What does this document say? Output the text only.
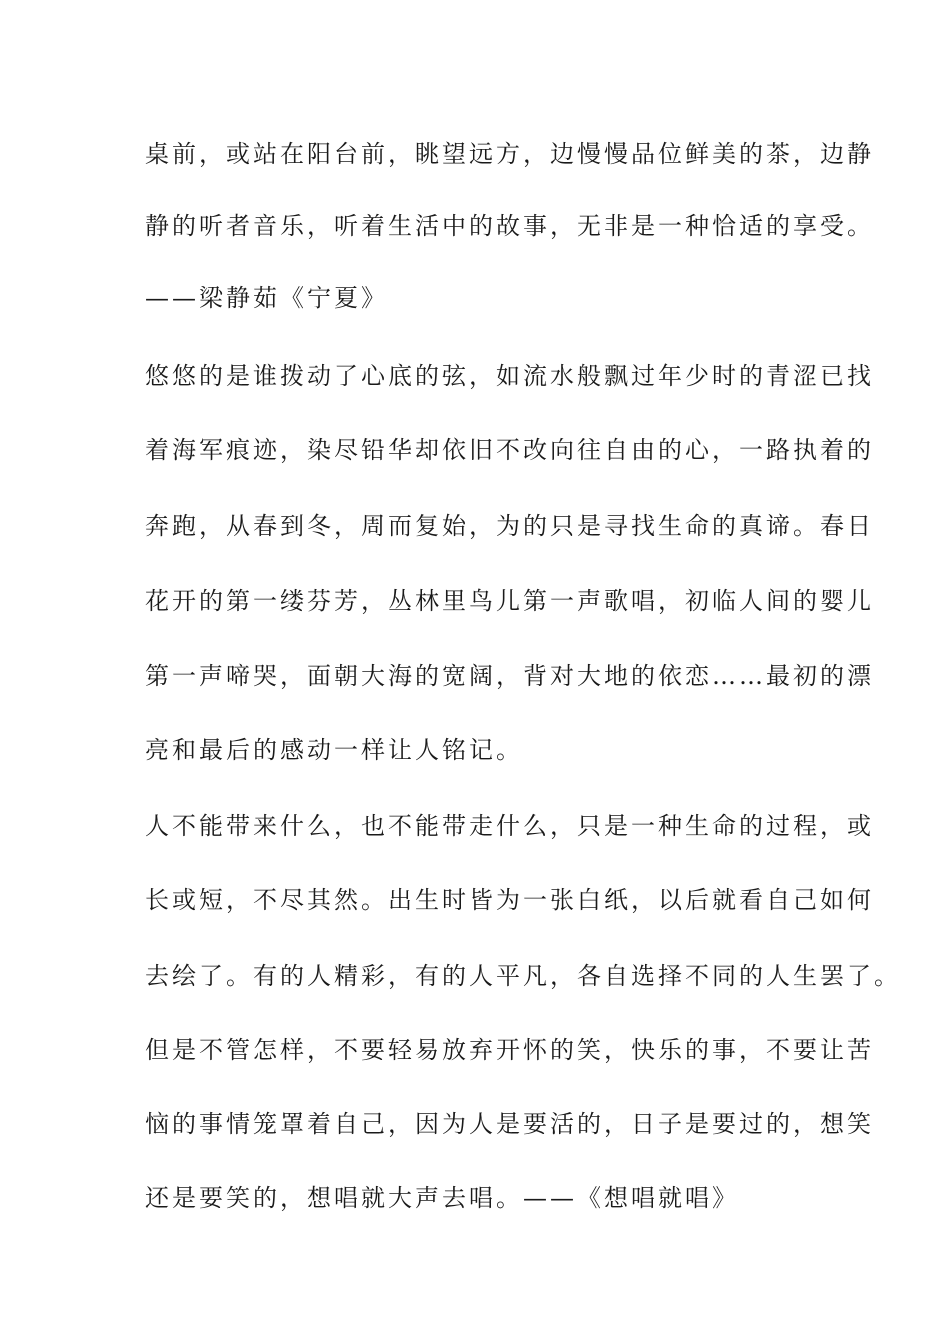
桌前，或站在阳台前，眺望远方，边慢慢品位鲜美的茶，边静
静的听者音乐，听着生活中的故事，无非是一种恰适的享受。
——梁静茹《宁夏》
悠悠的是谁拨动了心底的弦，如流水般飘过年少时的青涩已找
着海军痕迹，染尽铅华却依旧不改向往自由的心，一路执着的
奔跑，从春到冬，周而复始，为的只是寻找生命的真谛。春日
花开的第一缕芬芳，丛林里鸟儿第一声歌唱，初临人间的婴儿
第一声啼哭，面朝大海的宽阔，背对大地的依恋……最初的漂
亮和最后的感动一样让人铭记。
人不能带来什么，也不能带走什么，只是一种生命的过程，或
长或短，不尽其然。出生时皆为一张白纸，以后就看自己如何
去绘了。有的人精彩，有的人平凡，各自选择不同的人生罢了。
但是不管怎样，不要轻易放弃开怀的笑，快乐的事，不要让苦
恼的事情笼罩着自己，因为人是要活的，日子是要过的，想笑
还是要笑的，想唱就大声去唱。——《想唱就唱》
